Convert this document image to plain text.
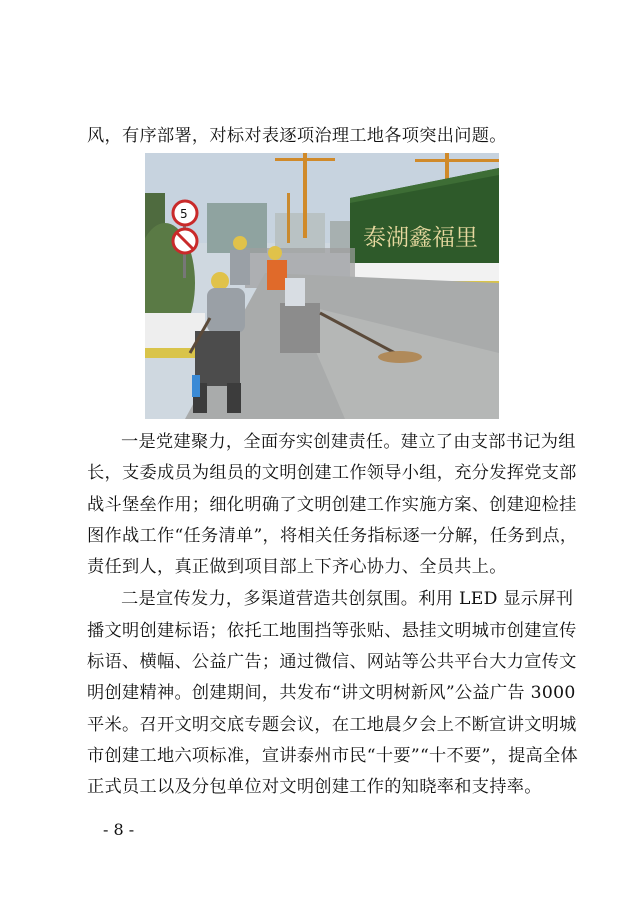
风，有序部署，对标对表逐项治理工地各项突出问题。
泰湖鑫福里
5
一是党建聚力，全面夯实创建责任。建立了由支部书记为组
长，支委成员为组员的文明创建工作领导小组，充分发挥党支部
战斗堡垒作用；细化明确了文明创建工作实施方案、创建迎检挂
图作战工作“任务清单”，将相关任务指标逐一分解，任务到点，
责任到人，真正做到项目部上下齐心协力、全员共上。
二是宣传发力，多渠道营造共创氛围。利用 LED 显示屏刊
播文明创建标语；依托工地围挡等张贴、悬挂文明城市创建宣传
标语、横幅、公益广告；通过微信、网站等公共平台大力宣传文
明创建精神。创建期间，共发布“讲文明树新风”公益广告 3000
平米。召开文明交底专题会议，在工地晨夕会上不断宣讲文明城
市创建工地六项标准，宣讲泰州市民“十要”“十不要”，提高全体
正式员工以及分包单位对文明创建工作的知晓率和支持率。
- 8 -
